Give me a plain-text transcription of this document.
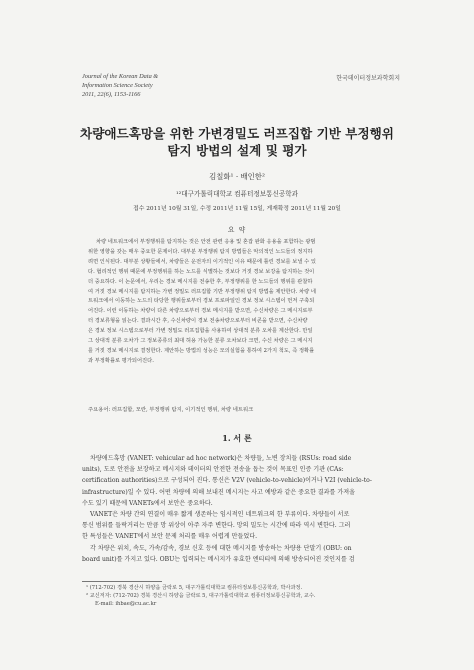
Journal of the Korean Data &
Information Science Society
2011, 22(6), 1153-1166
한국데이터정보과학회지
차량애드혹망을 위한 가변경밀도 러프집합 기반 부정행위
탐지 방법의 설계 및 평가
김칠화¹ · 배인한²
¹²대구가톨릭대학교 컴퓨터정보통신공학과
접수 2011년 10월 31일, 수정 2011년 11월 15일, 게재확정 2011년 11월 20일
요 약
차량 네트워크에서 부정행위를 탐지하는 것은 안전 관련 응용 및 혼잡 완화 응용을 포함하는 광범
위한 영향을 갖는 매우 중요한 문제이다. 대부분 부정행위 탐지 방법들은 악의적인 노드들의 정지하
려면 인식된다. 대부분 상황들에서, 차량들은 운전자의 이기적인 이유 때문에 틀린 경보를 보낼 수 있
다. 협리적인 행위 때문에 부정행위를 하는 노드를 식별하는 것보다 거짓 경보 보강을 탐지하는 것이
더 중요하다. 이 논문에서, 우리는 경보 메시지를 전송한 후, 부정행위를 한 노드들의 행위를 관찰하
여 거짓 경보 메시지를 탐지하는 가변 정밀도 러프집합 기반 부정행위 탐지 방법을 제안한다. 차량 네
트워크에서 이동하는 노드의 타당한 행위들로부터 경보 프로파일인 경보 정보 시스템이 먼저 구축되
어진다. 이런 이동하는 차량이 다른 차량으로부터 경보 메시지를 받으면, 수신차량은 그 메시지로부
터 경보류형을 읽는다. 결과시간 후, 수신차량이 경보 전송차량으로부터 비콘을 받으면, 수신차량
은 경보 정보 시스템으로부터 가변 정밀도 러프집합을 사용하여 상대적 분류 오차를 계산한다. 만일
그 상대적 분류 오차가 그 정보종류의 최대 허용 가능한 분류 오차보다 크면, 수신 차량은 그 메시지
를 거짓 경보 메시지로 결정한다. 제안하는 방법의 성능은 모의실험을 통하여 2가지 척도, 즉 정확률
과 부정확률로 평가되어진다.
주요용어: 러프집합, 모란, 부정행위 탐지, 이기적인 행위, 차량 네트워크
1. 서 론
차량애드혹망 (VANET: vehicular ad hoc network)은 차량들, 노변 장치들 (RSUs: road side
units), 도로 안전을 보장하고 메시지와 데이터의 안전한 전송을 돕는 것이 목표인 인증 기관 (CAs:
certification authorities)으로 구성되어 진다. 통신은 V2V (vehicle-to-vehicle)이거나 V2I (vehicle-to-
infrastructure)일 수 있다. 어떤 차량에 의해 보내진 메시지는 사고 예방과 같은 중요한 결과를 가져올
수도 있기 때문에 VANETs에서 보안은 중요하다.
VANET은 차량 간의 연결이 매우 짧게 생존하는 임시적인 네트워크의 한 부류이다. 차량들이 서로
통신 범위를 들락거리는 만큼 망 위상이 아주 자주 변한다. 망의 밀도는 시간에 따라 역시 변한다. 그러
한 특성들은 VANET에서 보안 문제 처리를 매우 어렵게 만들었다.
각 차량은 위치, 속도, 가속/감속, 경보 신호 등에 대한 메시지를 방송하는 차량용 단말기 (OBU: on
board unit)를 가지고 있다. OBU는 입력되는 메시지가 유효한 엔티티에 의해 방송되어진 것인지를 검
¹ (712-702) 경북 경산시 하양읍 금락로 5, 대구가톨릭대학교 컴퓨터정보통신공학과, 박사과정.
² 교신저자: (712-702) 경북 경산시 하양읍 금락로 5, 대구가톨릭대학교 컴퓨터정보통신공학과, 교수.
E-mail: ihbae@cu.ac.kr
